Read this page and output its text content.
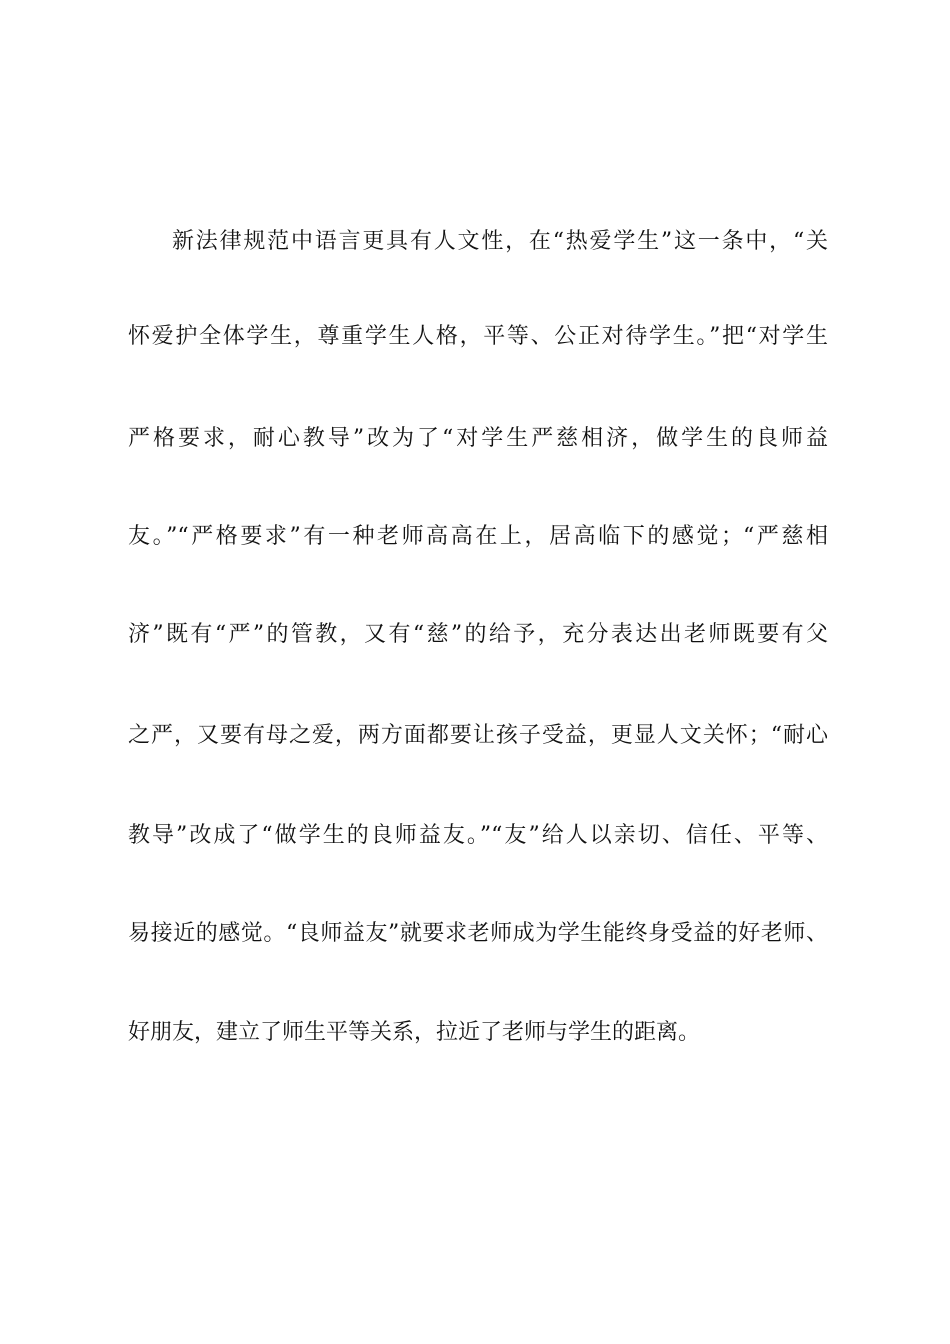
新法律规范中语言更具有人文性，在“热爱学生”这一条中，“关
怀爱护全体学生，尊重学生人格，平等、公正对待学生。”把“对学生
严格要求，耐心教导”改为了“对学生严慈相济，做学生的良师益
友。”“严格要求”有一种老师高高在上，居高临下的感觉；“严慈相
济”既有“严”的管教，又有“慈”的给予，充分表达出老师既要有父
之严，又要有母之爱，两方面都要让孩子受益，更显人文关怀；“耐心
教导”改成了“做学生的良师益友。”“友”给人以亲切、信任、平等、
易接近的感觉。“良师益友”就要求老师成为学生能终身受益的好老师、
好朋友，建立了师生平等关系，拉近了老师与学生的距离。
